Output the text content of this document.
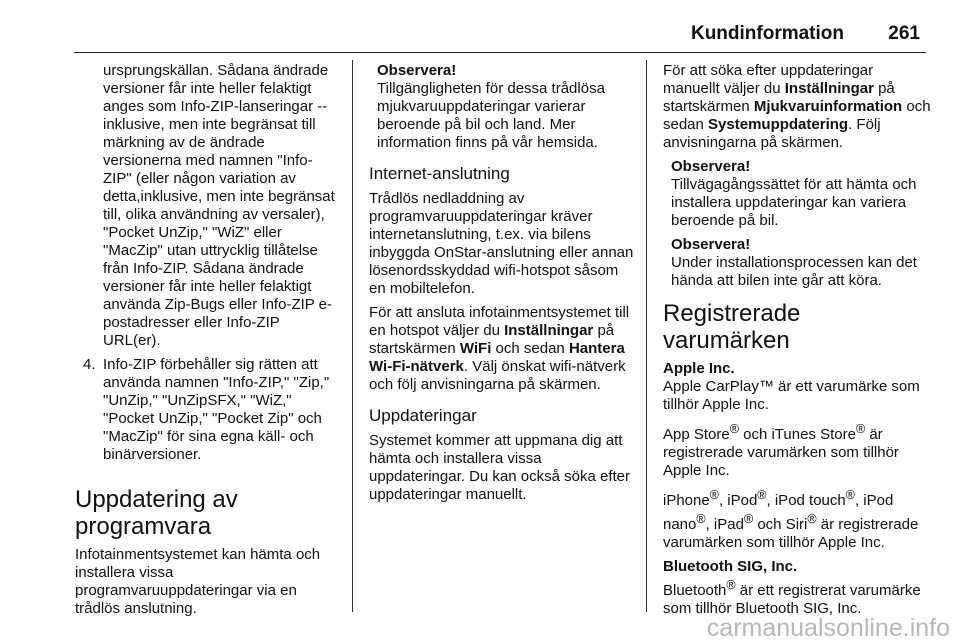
Kundinformation 261

ursprungskällan. Sådana ändrade versioner får inte heller felaktigt anges som Info-ZIP-lanseringar -- inklusive, men inte begränsat till märkning av de ändrade versionerna med namnen "Info-ZIP" (eller någon variation av detta,inklusive, men inte begränsat till, olika användning av versaler), "Pocket UnZip," "WiZ" eller "MacZip" utan uttrycklig tillåtelse från Info-ZIP. Sådana ändrade versioner får inte heller felaktigt använda Zip-Bugs eller Info-ZIP e-postadresser eller Info-ZIP URL(er).

4. Info-ZIP förbehåller sig rätten att använda namnen "Info-ZIP," "Zip," "UnZip," "UnZipSFX," "WiZ," "Pocket UnZip," "Pocket Zip" och "MacZip" för sina egna käll- och binärversioner.
Uppdatering av programvara

Infotainmentsystemet kan hämta och installera vissa programvaruuppdateringar via en trådlös anslutning.

Observera!
Tillgängligheten för dessa trådlösa mjukvaruuppdateringar varierar beroende på bil och land. Mer information finns på vår hemsida.
Internet-anslutning

Trådlös nedladdning av programvaruuppdateringar kräver internetanslutning, t.ex. via bilens inbyggda OnStar-anslutning eller annan lösenordsskyddad wifi-hotspot såsom en mobiltelefon.

För att ansluta infotainmentsystemet till en hotspot väljer du Inställningar på startskärmen WiFi och sedan Hantera Wi-Fi-nätverk. Välj önskat wifi-nätverk och följ anvisningarna på skärmen.

Uppdateringar

Systemet kommer att uppmana dig att hämta och installera vissa uppdateringar. Du kan också söka efter uppdateringar manuellt.

För att söka efter uppdateringar manuellt väljer du Inställningar på startskärmen Mjukvaruinformation och sedan Systemuppdatering. Följ anvisningarna på skärmen.

Observera!
Tillvägagångssättet för att hämta och installera uppdateringar kan variera beroende på bil.
Observera!
Under installationsprocessen kan det hända att bilen inte går att köra.
Registrerade varumärken
Apple Inc.

Apple CarPlay™ är ett varumärke som tillhör Apple Inc.

App Store® och iTunes Store® är registrerade varumärken som tillhör Apple Inc.

iPhone®, iPod®, iPod touch®, iPod nano®, iPad® och Siri® är registrerade varumärken som tillhör Apple Inc.

Bluetooth SIG, Inc.

Bluetooth® är ett registrerat varumärke som tillhör Bluetooth SIG, Inc.

carmanualsonline.info
